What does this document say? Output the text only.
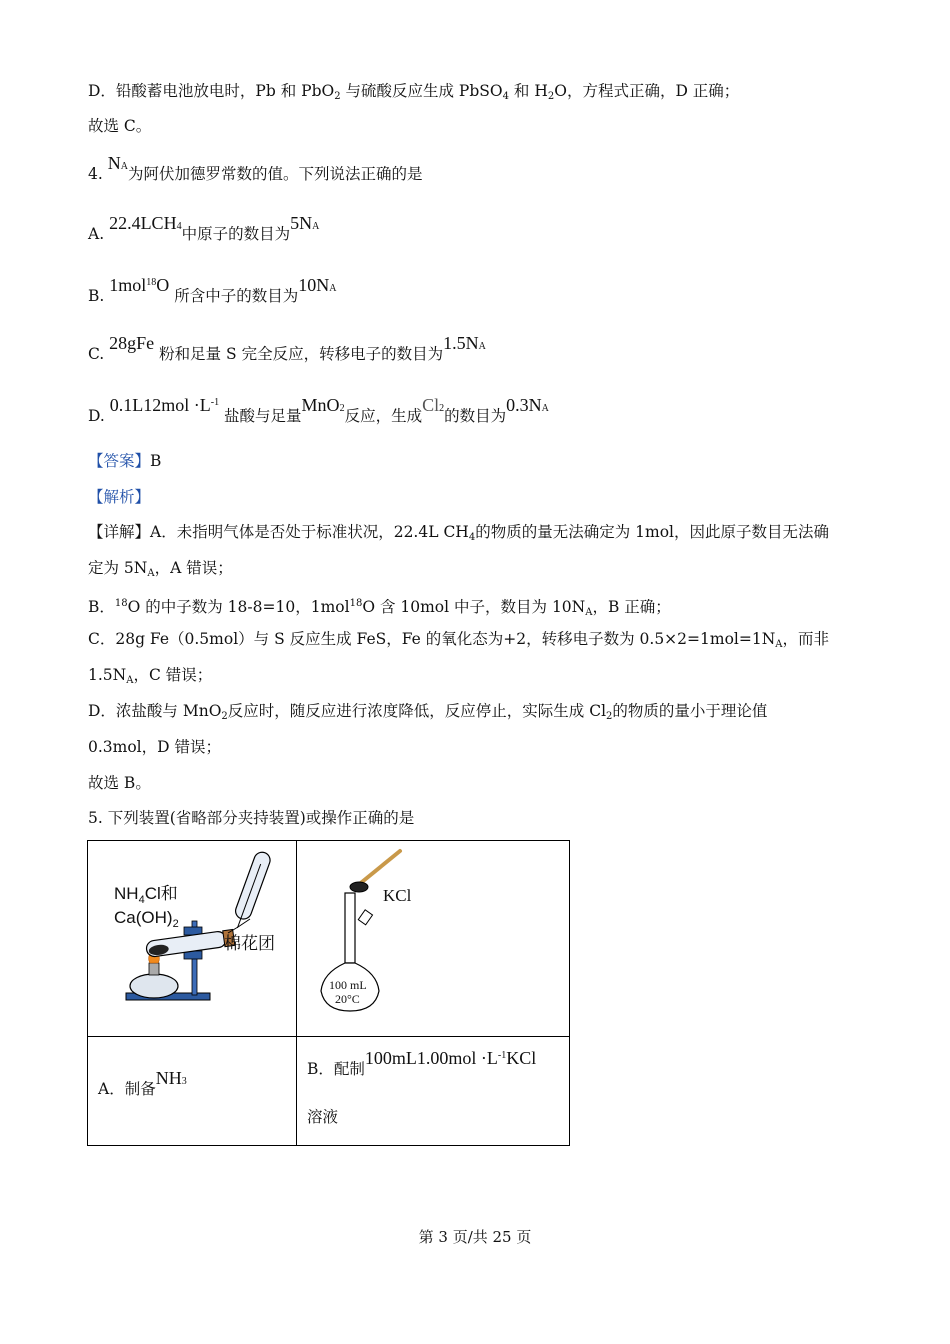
D．铅酸蓄电池放电时，Pb 和 PbO$_2$ 与硫酸反应生成 PbSO$_4$ 和 $H_2O$，方程式正确，D 正确；
故选 C。
4. NA为阿伏加德罗常数的值。下列说法正确的是
A. 22.4LCH4中原子的数目为5NA
B. 1mol$^{18}$O 所含中子的数目为10NA
C. 28gFe 粉和足量 S 完全反应，转移电子的数目为1.5NA
D. $0.1L12mol \cdot L^{-1}$ 盐酸与足量MnO2反应，生成Cl2的数目为0.3NA
【答案】B
【解析】
【详解】A．未指明气体是否处于标准状况，22.4L $CH_4$的物质的量无法确定为 1mol，因此原子数目无法确
定为 $5N_A$，A 错误；
B．$^{18}$O 的中子数为 18-8=10，1mol$^{18}$O 含 10mol 中子，数目为 $10N_A$，B 正确；
C．28g Fe（0.5mol）与 S 反应生成 FeS，Fe 的氧化态为+2，转移电子数为 $0.5\times 2=1mol=1N_A$，而非
$1.5N_A$，C 错误；
D．浓盐酸与 MnO$_2$反应时，随反应进行浓度降低，反应停止，实际生成 $Cl_2$的物质的量小于理论值
0.3mol，D 错误；
故选 B。
5. 下列装置(省略部分夹持装置)或操作正确的是
$NH_4Cl$和
$Ca(OH)_2$
棉花团	KCl
100 mL
20°C

A．制备NH3	B．配制$100mL1.00mol \cdot L^{-1}KCl$
溶液
第 3 页/共 25 页
